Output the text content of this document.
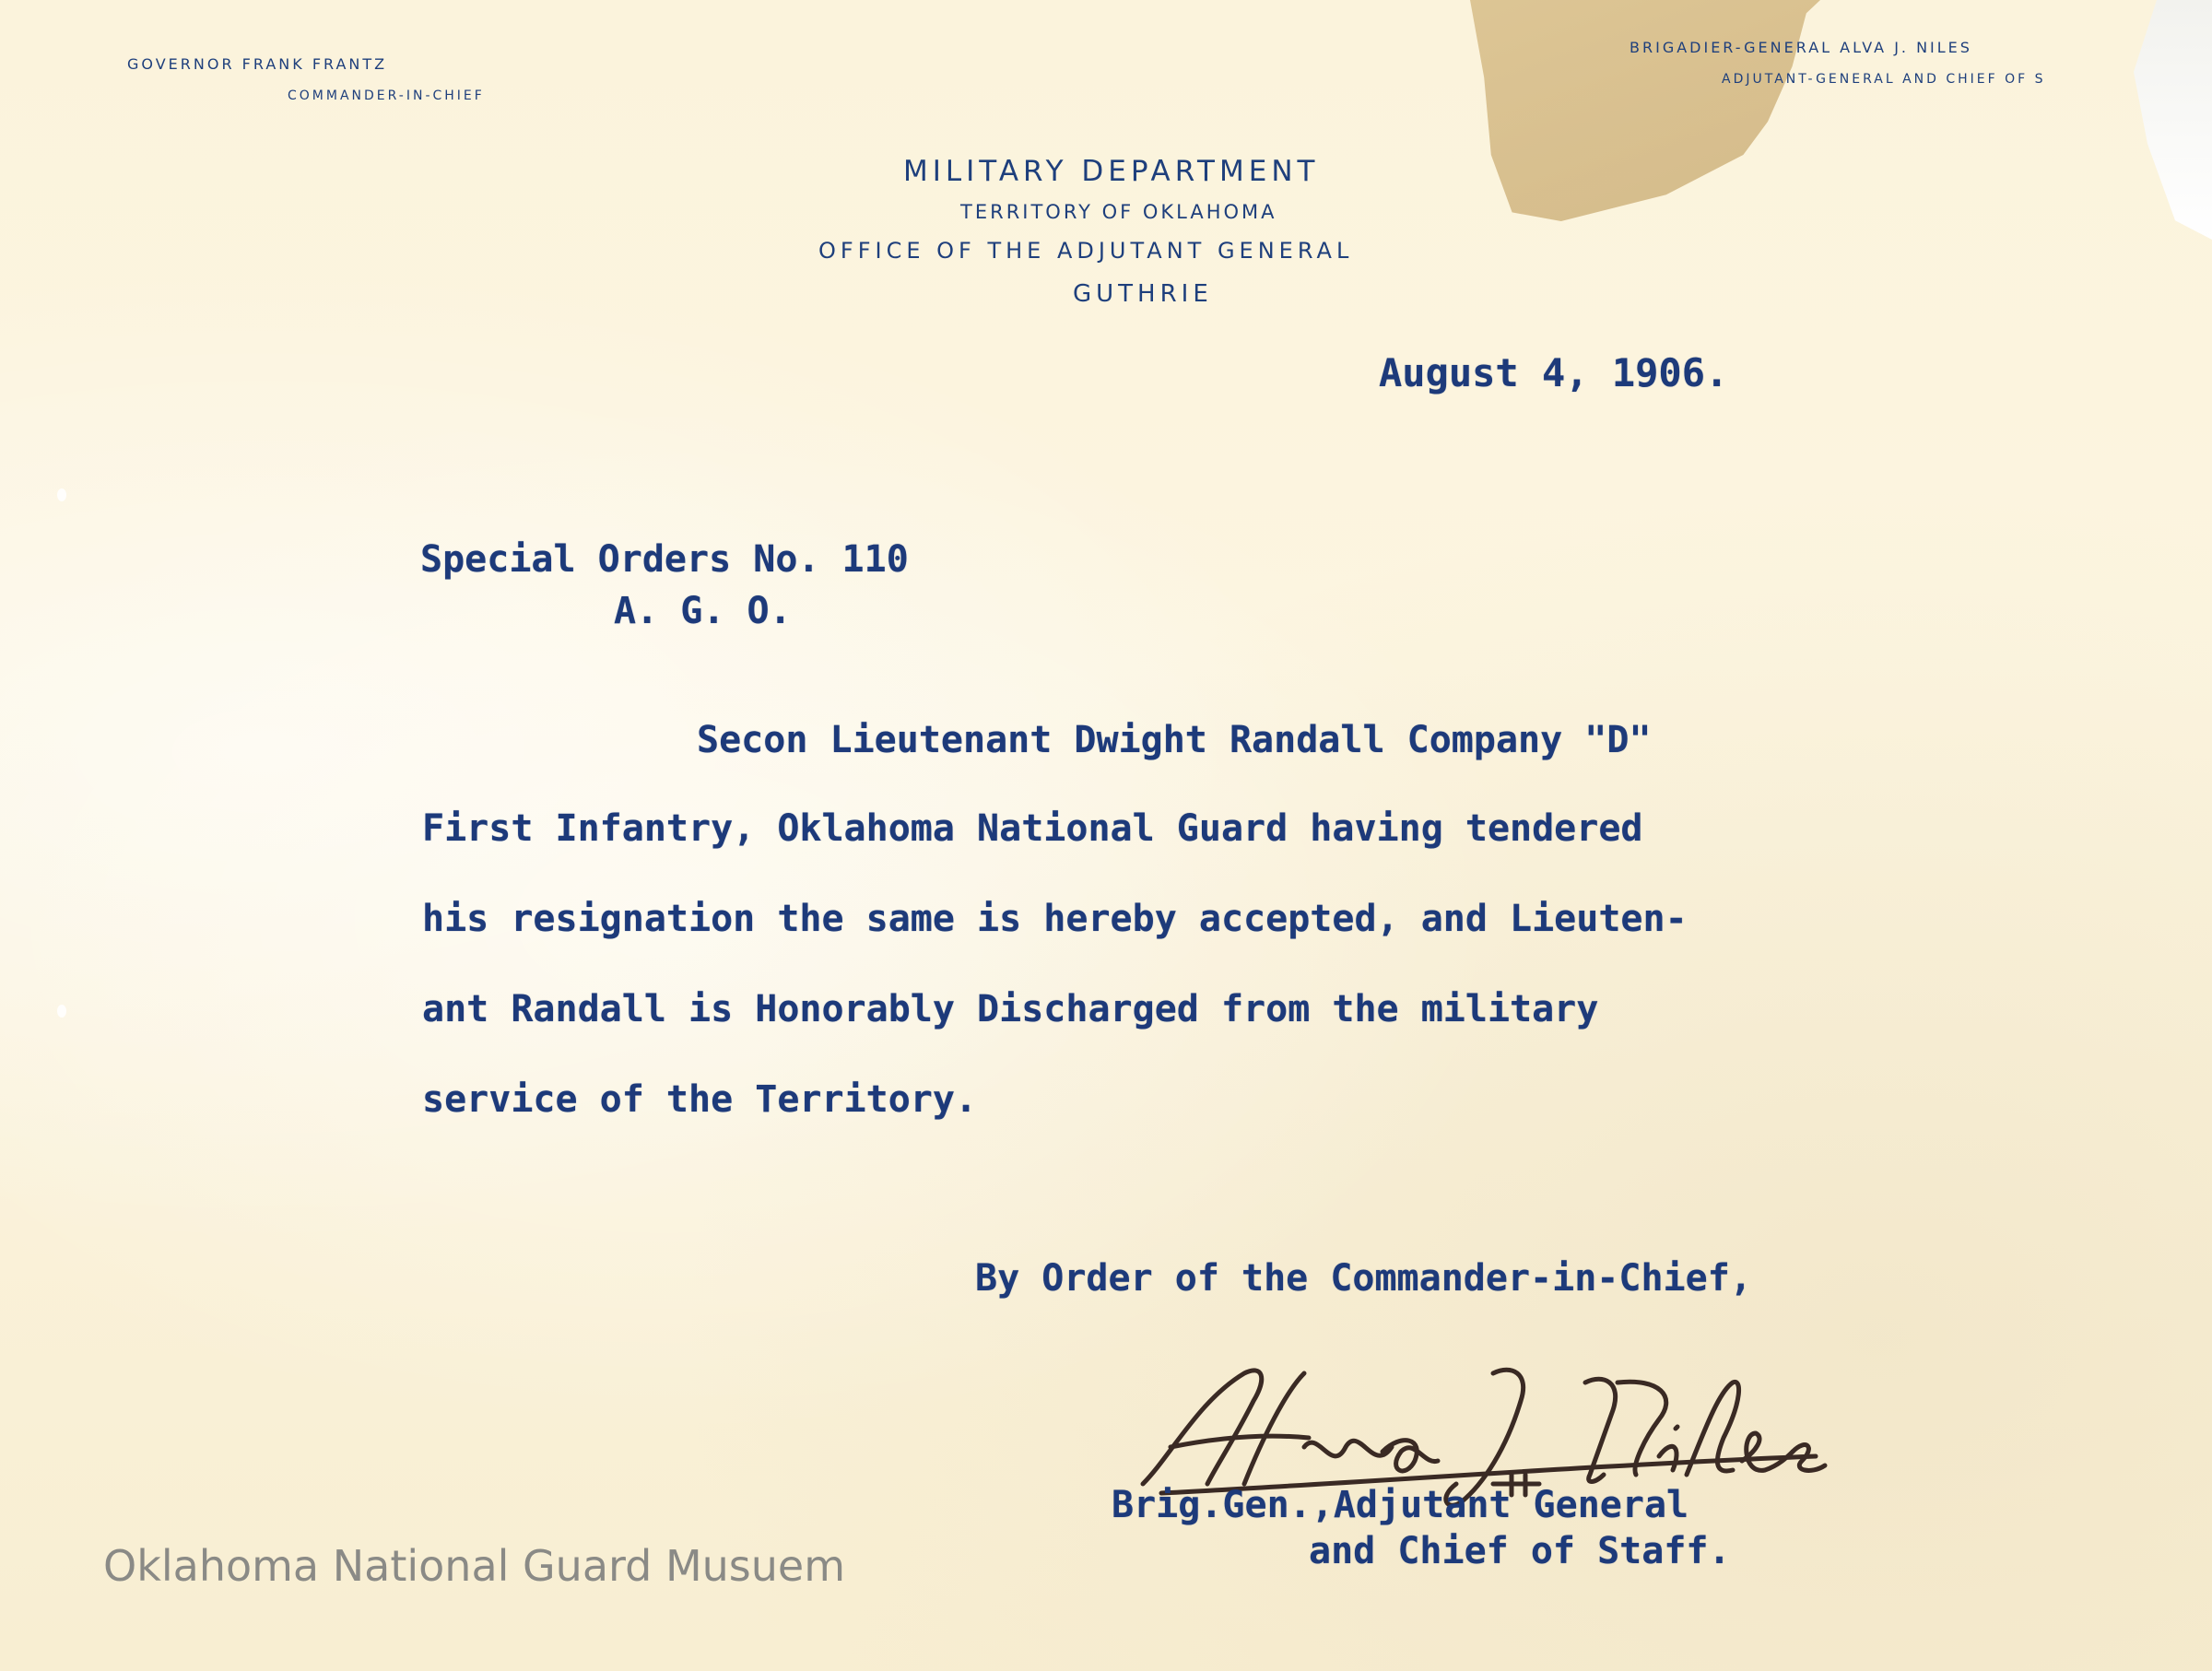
GOVERNOR FRANK FRANTZ
COMMANDER-IN-CHIEF
BRIGADIER-GENERAL ALVA J. NILES
ADJUTANT-GENERAL AND CHIEF OF S
MILITARY DEPARTMENT
TERRITORY OF OKLAHOMA
OFFICE OF THE ADJUTANT GENERAL
GUTHRIE
August 4, 1906.
Special Orders No. 110
A. G. O.
Secon Lieutenant Dwight Randall Company "D"
First Infantry, Oklahoma National Guard having tendered
his resignation the same is hereby accepted, and Lieuten-
ant Randall is Honorably Discharged from the military
service of the Territory.
By Order of the Commander-in-Chief,
Brig.Gen.,Adjutant General
and Chief of Staff.
Oklahoma National Guard Musuem
